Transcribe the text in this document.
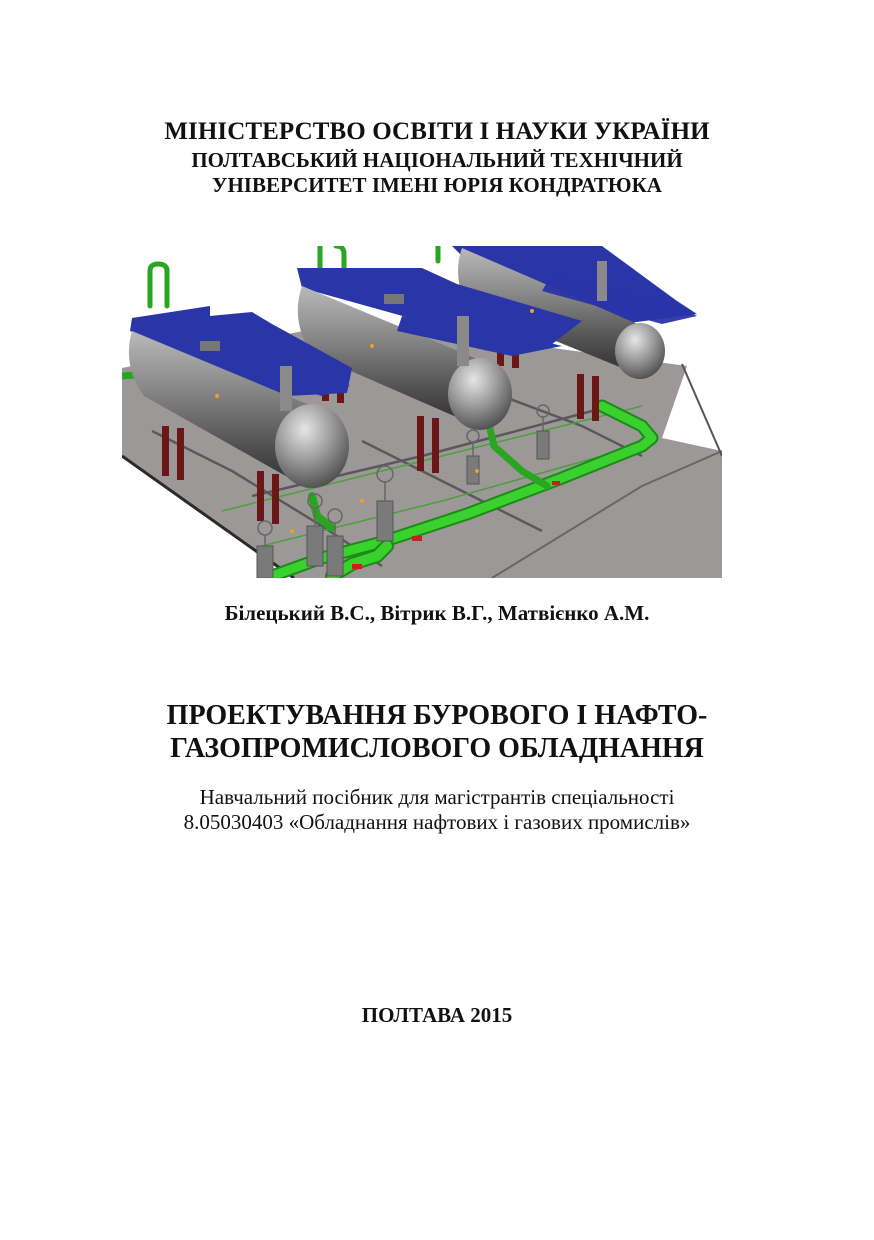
МІНІСТЕРСТВО ОСВІТИ І НАУКИ УКРАЇНИ
ПОЛТАВСЬКИЙ НАЦІОНАЛЬНИЙ ТЕХНІЧНИЙ
УНІВЕРСИТЕТ ІМЕНІ ЮРІЯ КОНДРАТЮКА
Білецький В.С., Вітрик В.Г., Матвієнко А.М.
ПРОЕКТУВАННЯ БУРОВОГО І НАФТО-
ГАЗОПРОМИСЛОВОГО ОБЛАДНАННЯ
Навчальний посібник для магістрантів спеціальності
8.05030403 «Обладнання нафтових і газових промислів»
ПОЛТАВА 2015
